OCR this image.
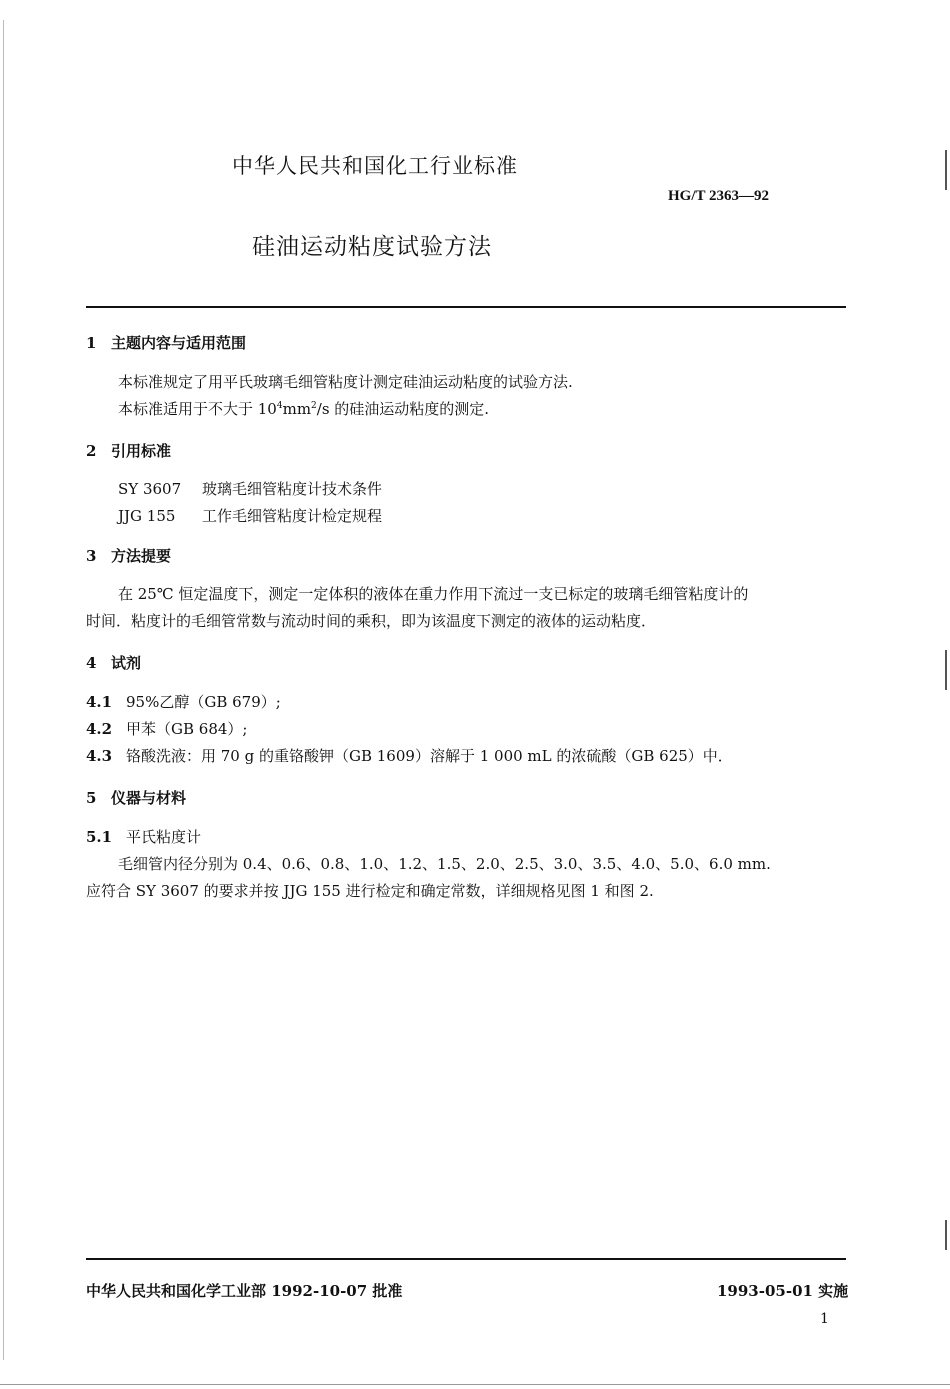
中华人民共和国化工行业标准
HG/T 2363—92
硅油运动粘度试验方法
1 主题内容与适用范围
本标准规定了用平氏玻璃毛细管粘度计测定硅油运动粘度的试验方法.
本标准适用于不大于 $10^4mm^2/s$ 的硅油运动粘度的测定.
2 引用标准
SY 3607 玻璃毛细管粘度计技术条件
JJG 155 工作毛细管粘度计检定规程
3 方法提要
在 25℃ 恒定温度下，测定一定体积的液体在重力作用下流过一支已标定的玻璃毛细管粘度计的
时间．粘度计的毛细管常数与流动时间的乘积，即为该温度下测定的液体的运动粘度．
4 试剂
4.1 95%乙醇（GB 679）;
4.2 甲苯（GB 684）;
4.3 铬酸洗液：用 70 g 的重铬酸钾（GB 1609）溶解于 1 000 mL 的浓硫酸（GB 625）中．
5 仪器与材料
5.1 平氏粘度计
毛细管内径分别为 0.4、0.6、0.8、1.0、1.2、1.5、2.0、2.5、3.0、3.5、4.0、5.0、6.0 mm.
应符合 SY 3607 的要求并按 JJG 155 进行检定和确定常数，详细规格见图 1 和图 2.
中华人民共和国化学工业部 1992-10-07 批准	1993-05-01 实施
1
